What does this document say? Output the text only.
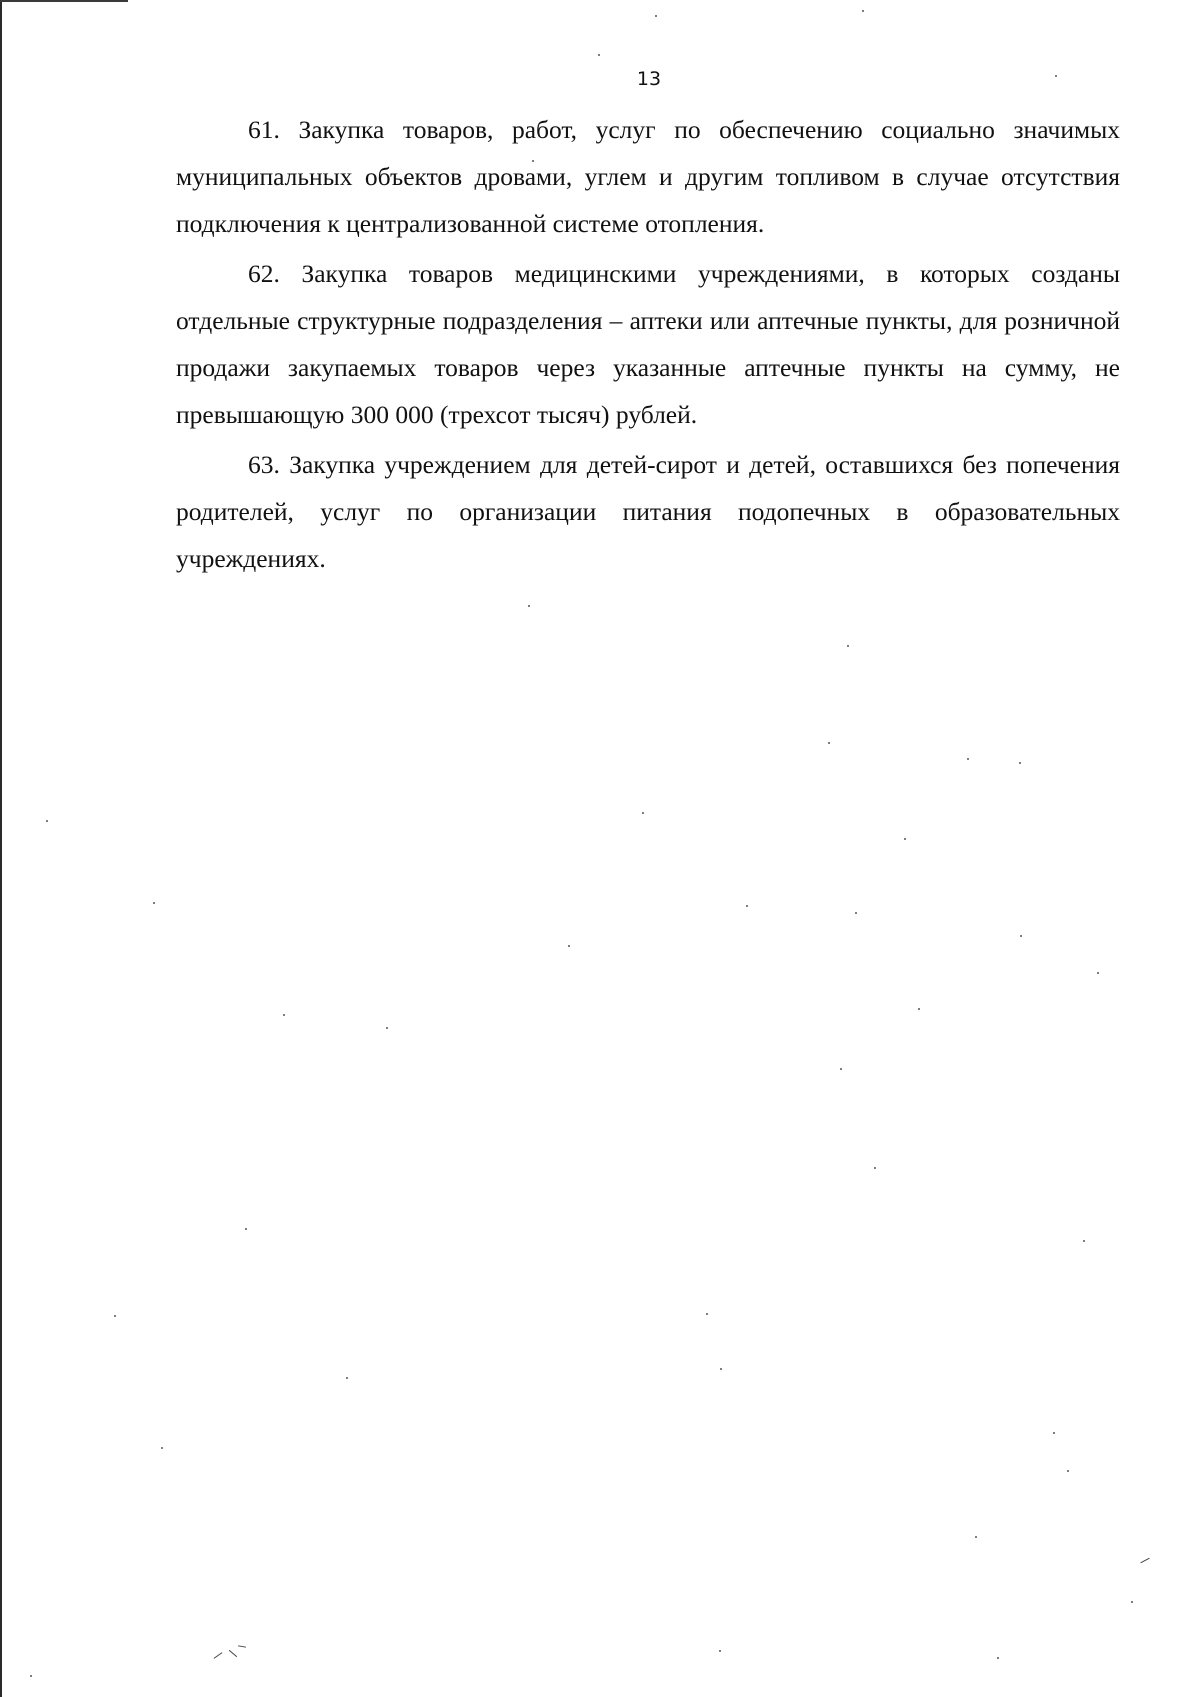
13

61. Закупка товаров, работ, услуг по обеспечению социально значимых муниципальных объектов дровами, углем и другим топливом в случае отсутствия подключения к централизованной системе отопления.

62. Закупка товаров медицинскими учреждениями, в которых созданы отдельные структурные подразделения – аптеки или аптечные пункты, для розничной продажи закупаемых товаров через указанные аптечные пункты на сумму, не превышающую 300 000 (трехсот тысяч) рублей.

63. Закупка учреждением для детей-сирот и детей, оставшихся без попечения родителей, услуг по организации питания подопечных в образовательных учреждениях.
